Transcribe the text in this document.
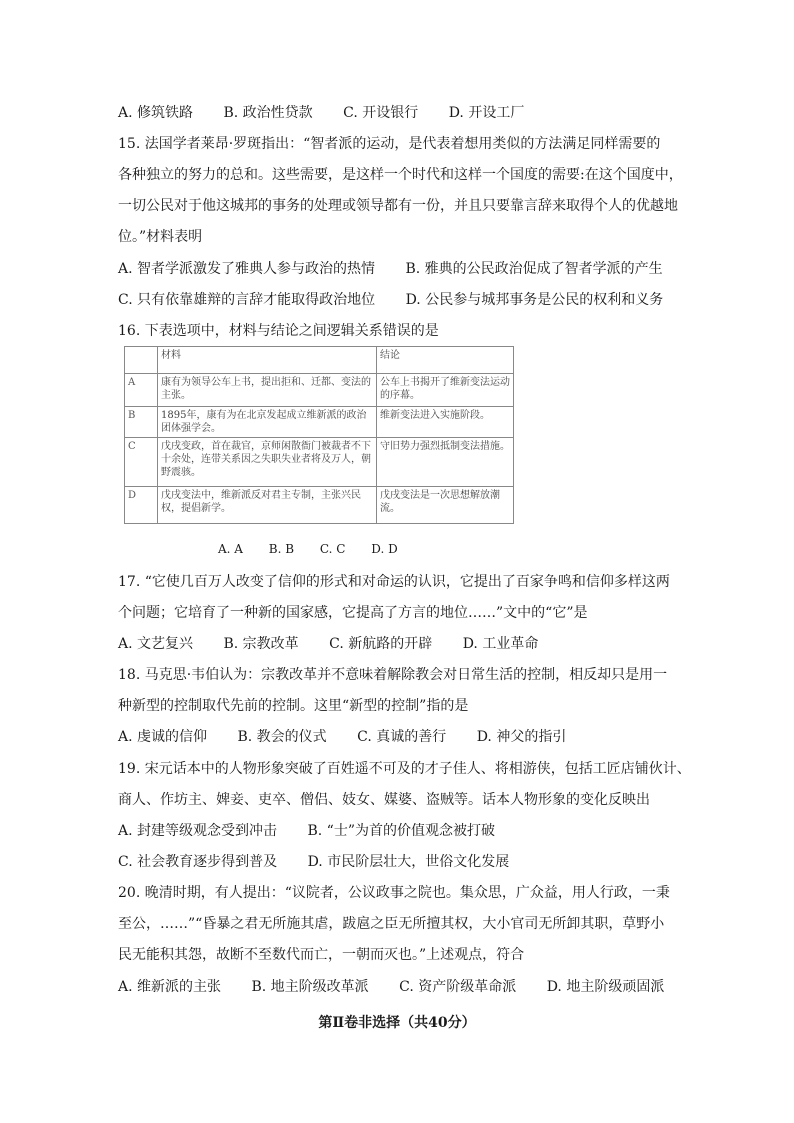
A. 修筑铁路 B. 政治性贷款 C. 开设银行 D. 开设工厂
15. 法国学者莱昂·罗斑指出：“智者派的运动，是代表着想用类似的方法满足同样需要的
各种独立的努力的总和。这些需要，是这样一个时代和这样一个国度的需要:在这个国度中，
一切公民对于他这城邦的事务的处理或领导都有一份，并且只要靠言辞来取得个人的优越地
位。”材料表明
A. 智者学派激发了雅典人参与政治的热情 B. 雅典的公民政治促成了智者学派的产生
C. 只有依靠雄辩的言辞才能取得政治地位 D. 公民参与城邦事务是公民的权利和义务
16. 下表选项中，材料与结论之间逻辑关系错误的是
	材料	结论
A	康有为领导公车上书，提出拒和、迁都、变法的主张。	公车上书揭开了维新变法运动的序幕。
B	1895年，康有为在北京发起成立维新派的政治团体强学会。	维新变法进入实施阶段。
C	戊戌变政，首在裁官，京师闲散衙门被裁者不下十余处，连带关系因之失职失业者将及万人，朝野震骇。	守旧势力强烈抵制变法措施。
D	戊戌变法中，维新派反对君主专制，主张兴民权，提倡新学。	戊戌变法是一次思想解放潮流。
A. A B. B C. C D. D
17. “它使几百万人改变了信仰的形式和对命运的认识，它提出了百家争鸣和信仰多样这两
个问题；它培育了一种新的国家感，它提高了方言的地位……”文中的“它”是
A. 文艺复兴 B. 宗教改革 C. 新航路的开辟 D. 工业革命
18. 马克思·韦伯认为：宗教改革并不意味着解除教会对日常生活的控制，相反却只是用一
种新型的控制取代先前的控制。这里“新型的控制”指的是
A. 虔诚的信仰 B. 教会的仪式 C. 真诚的善行 D. 神父的指引
19. 宋元话本中的人物形象突破了百姓遥不可及的才子佳人、将相游侠，包括工匠店铺伙计、
商人、作坊主、婢妾、吏卒、僧侣、妓女、媒婆、盗贼等。话本人物形象的变化反映出
A. 封建等级观念受到冲击 B. “士”为首的价值观念被打破
C. 社会教育逐步得到普及 D. 市民阶层壮大，世俗文化发展
20. 晚清时期，有人提出：“议院者，公议政事之院也。集众思，广众益，用人行政，一秉
至公，……”“昏暴之君无所施其虐，跋扈之臣无所擅其权，大小官司无所卸其职，草野小
民无能积其怨，故断不至数代而亡，一朝而灭也。”上述观点，符合
A. 维新派的主张 B. 地主阶级改革派 C. 资产阶级革命派 D. 地主阶级顽固派
第Ⅱ卷非选择（共40分）
